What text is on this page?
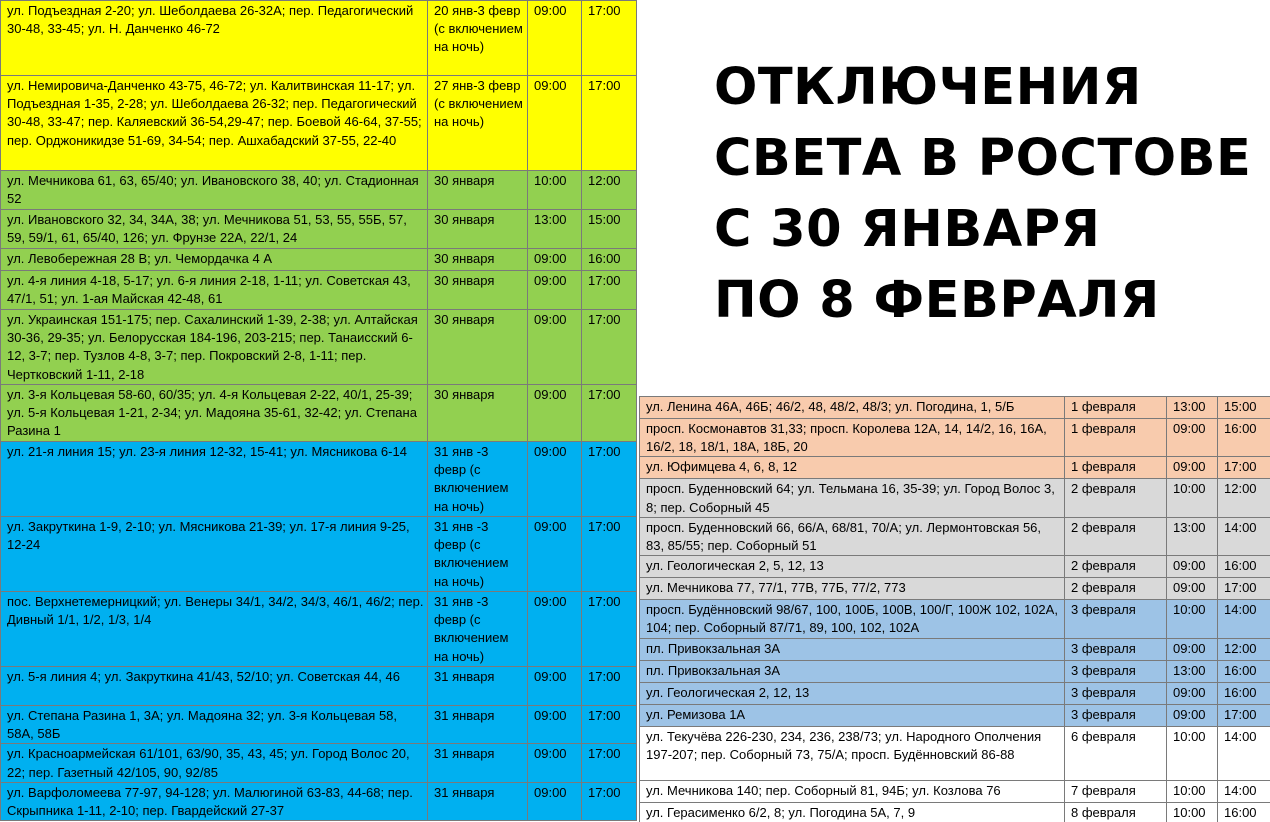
ул. Подъездная 2-20; ул. Шеболдаева 26-32А; пер. Педагогический 30-48, 33-45; ул. Н. Данченко 46-72	20 янв-3 февр (с включением на ночь)	09:00	17:00
ул. Немировича-Данченко 43-75, 46-72; ул. Калитвинская 11-17; ул. Подъездная 1-35, 2-28; ул. Шеболдаева 26-32; пер. Педагогический 30-48, 33-47; пер. Каляевский 36-54,29-47; пер. Боевой 46-64, 37-55; пер. Орджоникидзе 51-69, 34-54; пер. Ашхабадский 37-55, 22-40	27 янв-3 февр (с включением на ночь)	09:00	17:00
ул. Мечникова 61, 63, 65/40; ул. Ивановского 38, 40; ул. Стадионная 52	30 января	10:00	12:00
ул. Ивановского 32, 34, 34А, 38; ул. Мечникова 51, 53, 55, 55Б, 57, 59, 59/1, 61, 65/40, 126; ул. Фрунзе 22А, 22/1, 24	30 января	13:00	15:00
ул. Левобережная 28 В; ул. Чемордачка 4 А	30 января	09:00	16:00
ул. 4-я линия 4-18, 5-17; ул. 6-я линия 2-18, 1-11; ул. Советская 43, 47/1, 51; ул. 1-ая Майская 42-48, 61	30 января	09:00	17:00
ул. Украинская 151-175; пер. Сахалинский 1-39, 2-38; ул. Алтайская 30-36, 29-35; ул. Белорусская 184-196, 203-215; пер. Танаисский 6-12, 3-7; пер. Тузлов 4-8, 3-7; пер. Покровский 2-8, 1-11; пер. Чертковский 1-11, 2-18	30 января	09:00	17:00
ул. 3-я Кольцевая 58-60, 60/35; ул. 4-я Кольцевая 2-22, 40/1, 25-39; ул. 5-я Кольцевая 1-21, 2-34; ул. Мадояна 35-61, 32-42; ул. Степана Разина 1	30 января	09:00	17:00
ул. 21-я линия 15; ул. 23-я линия 12-32, 15-41; ул. Мясникова 6-14	31 янв -3 февр (с включением на ночь)	09:00	17:00
ул. Закруткина 1-9, 2-10; ул. Мясникова 21-39; ул. 17-я линия 9-25, 12-24	31 янв -3 февр (с включением на ночь)	09:00	17:00
пос. Верхнетемерницкий; ул. Венеры 34/1, 34/2, 34/3, 46/1, 46/2; пер. Дивный 1/1, 1/2, 1/3, 1/4	31 янв -3 февр (с включением на ночь)	09:00	17:00
ул. 5-я линия 4; ул. Закруткина 41/43, 52/10; ул. Советская 44, 46	31 января	09:00	17:00
ул. Степана Разина 1, 3А; ул. Мадояна 32; ул. 3-я Кольцевая 58, 58А, 58Б	31 января	09:00	17:00
ул. Красноармейская 61/101, 63/90, 35, 43, 45; ул. Город Волос 20, 22; пер. Газетный 42/105, 90, 92/85	31 января	09:00	17:00
ул. Варфоломеева 77-97, 94-128; ул. Малюгиной 63-83, 44-68; пер. Скрыпника 1-11, 2-10; пер. Гвардейский 27-37	31 января	09:00	17:00
ОТКЛЮЧЕНИЯ
СВЕТА В РОСТОВЕ
С 30 ЯНВАРЯ
ПО 8 ФЕВРАЛЯ
ул. Ленина 46А, 46Б; 46/2, 48, 48/2, 48/3; ул. Погодина, 1, 5/Б	1 февраля	13:00	15:00
просп. Космонавтов 31,33; просп. Королева 12А, 14, 14/2, 16, 16А, 16/2, 18, 18/1, 18А, 18Б, 20	1 февраля	09:00	16:00
ул. Юфимцева 4, 6, 8, 12	1 февраля	09:00	17:00
просп. Буденновский 64; ул. Тельмана 16, 35-39; ул. Город Волос 3, 8; пер. Соборный 45	2 февраля	10:00	12:00
просп. Буденновский 66, 66/А, 68/81, 70/А; ул. Лермонтовская 56, 83, 85/55; пер. Соборный 51	2 февраля	13:00	14:00
ул. Геологическая 2, 5, 12, 13	2 февраля	09:00	16:00
ул. Мечникова 77, 77/1, 77В, 77Б, 77/2, 773	2 февраля	09:00	17:00
просп. Будённовский 98/67, 100, 100Б, 100В, 100/Г, 100Ж 102, 102А, 104; пер. Соборный 87/71, 89, 100, 102, 102А	3 февраля	10:00	14:00
пл. Привокзальная 3А	3 февраля	09:00	12:00
пл. Привокзальная 3А	3 февраля	13:00	16:00
ул. Геологическая 2, 12, 13	3 февраля	09:00	16:00
ул. Ремизова 1А	3 февраля	09:00	17:00
ул. Текучёва 226-230, 234, 236, 238/73; ул. Народного Ополчения 197-207; пер. Соборный 73, 75/А; просп. Будённовский 86-88	6 февраля	10:00	14:00
ул. Мечникова 140; пер. Соборный 81, 94Б; ул. Козлова 76	7 февраля	10:00	14:00
ул. Герасименко 6/2, 8; ул. Погодина 5А, 7, 9	8 февраля	10:00	16:00
